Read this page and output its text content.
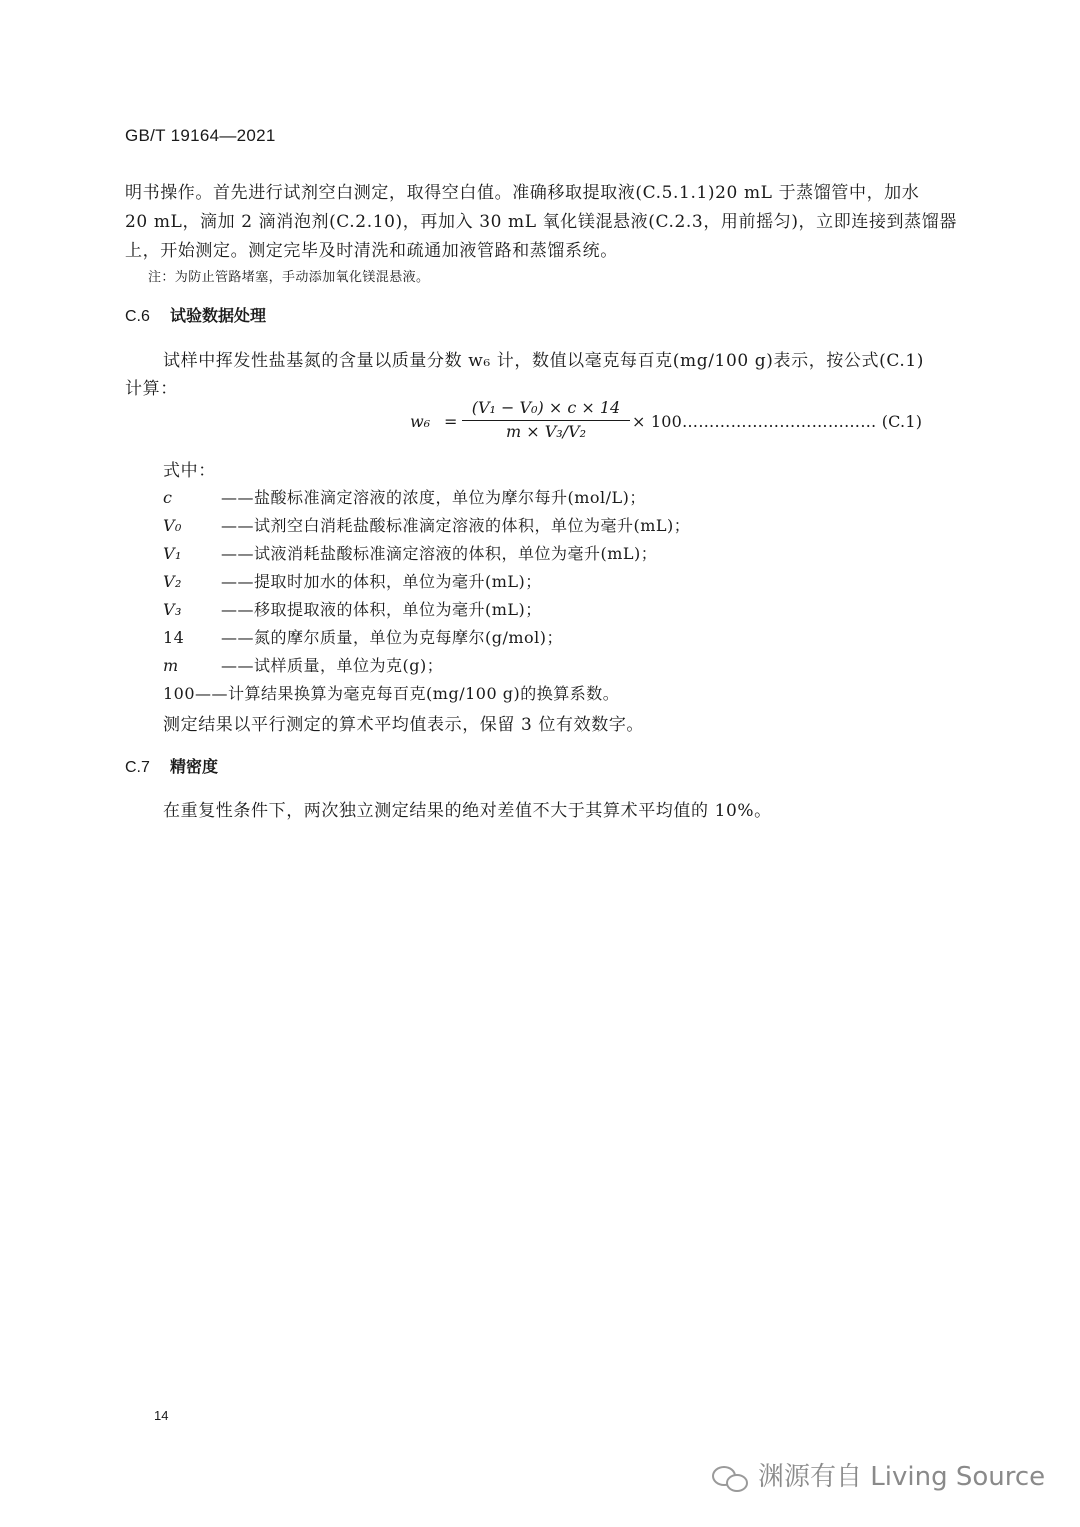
GB/T 19164—2021
明书操作。首先进行试剂空白测定，取得空白值。准确移取提取液(C.5.1.1)20 mL 于蒸馏管中，加水
20 mL，滴加 2 滴消泡剂(C.2.10)，再加入 30 mL 氧化镁混悬液(C.2.3，用前摇匀)，立即连接到蒸馏器
上，开始测定。测定完毕及时清洗和疏通加液管路和蒸馏系统。
注：为防止管路堵塞，手动添加氧化镁混悬液。
C.6 试验数据处理
试样中挥发性盐基氮的含量以质量分数 w₆ 计，数值以毫克每百克(mg/100 g)表示，按公式(C.1)
计算：
$w_6 = \frac{\text{(V₁ − V₀) × c × 14}}{\text{m × V₃/V₂}}$ × 100……………………………… (C.1)
式中：
c	——盐酸标准滴定溶液的浓度，单位为摩尔每升(mol/L)；
V₀ ——试剂空白消耗盐酸标准滴定溶液的体积，单位为毫升(mL)；
V₁ ——试液消耗盐酸标准滴定溶液的体积，单位为毫升(mL)；
V₂ ——提取时加水的体积，单位为毫升(mL)；
V₃ ——移取提取液的体积，单位为毫升(mL)；
14 ——氮的摩尔质量，单位为克每摩尔(g/mol)；
m	——试样质量，单位为克(g)；
100——计算结果换算为毫克每百克(mg/100 g)的换算系数。
测定结果以平行测定的算术平均值表示，保留 3 位有效数字。
C.7 精密度
在重复性条件下，两次独立测定结果的绝对差值不大于其算术平均值的 10%。
14
渊源有自 Living Source
